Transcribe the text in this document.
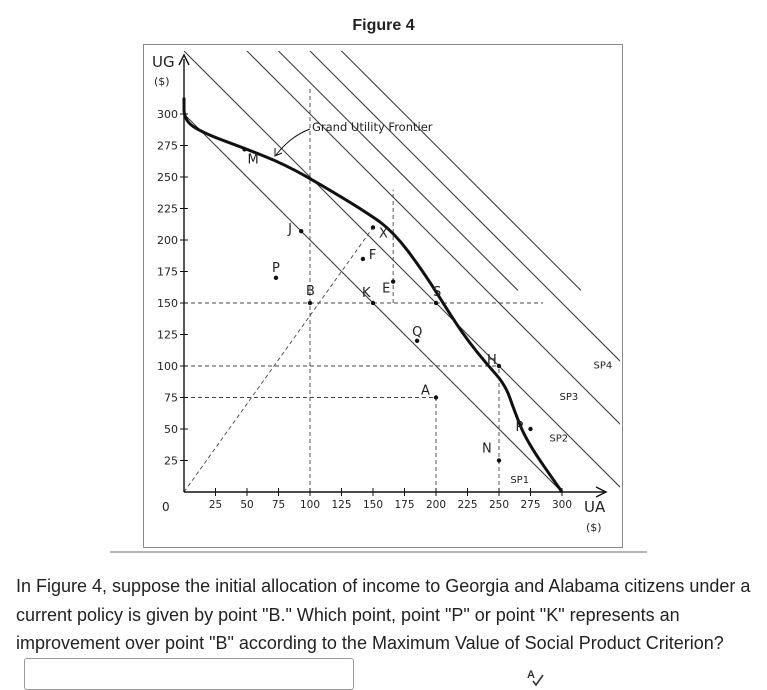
Figure 4
UG
($)
UA
($)
0
25
50
75
100
125
150
175
200
225
250
275
300
25 50 75 100 125 150 175 200 225 250 275 300
Grand Utility Frontier
SP1
SP2
SP3
SP4
M
J	X
F
E
P
B	K	S
Q
H
A
R
N
In Figure 4, suppose the initial allocation of income to Georgia and Alabama citizens under a current policy is given by point "B." Which point, point "P" or point "K" represents an improvement over point "B" according to the Maximum Value of Social Product Criterion?
A
